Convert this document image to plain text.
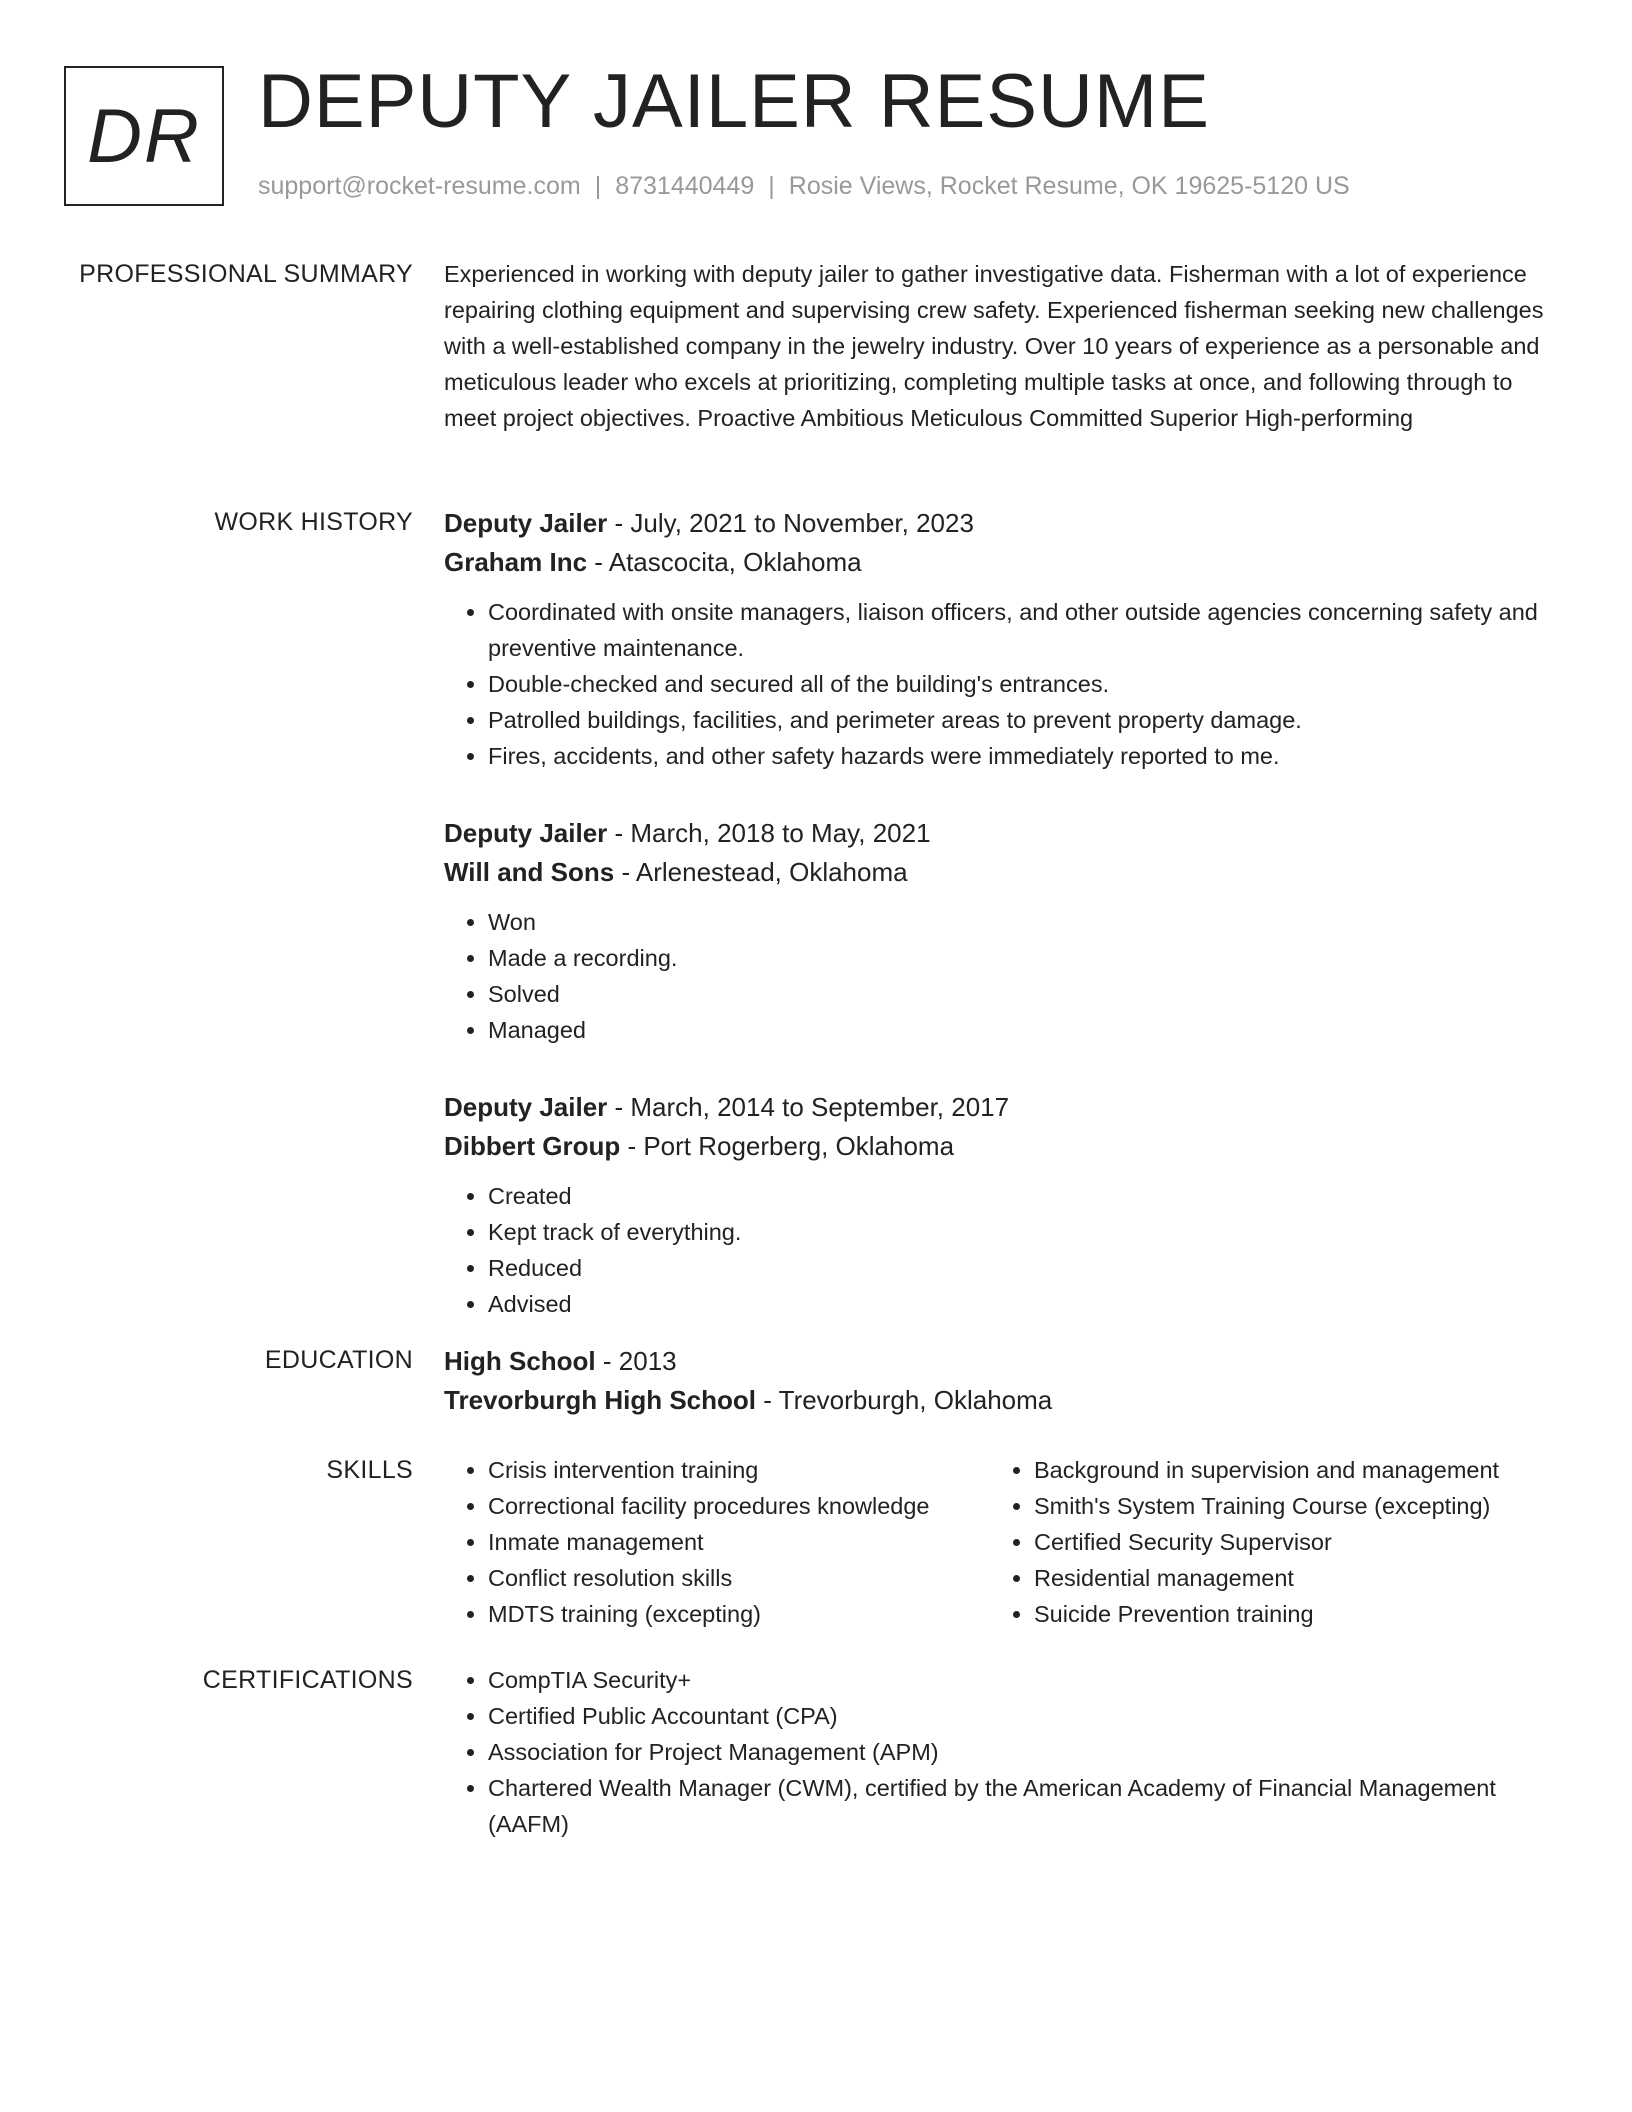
DR DEPUTY JAILER RESUME
support@rocket-resume.com | 8731440449 | Rosie Views, Rocket Resume, OK 19625-5120 US
PROFESSIONAL SUMMARY Experienced in working with deputy jailer to gather investigative data. Fisherman with a lot of experience repairing clothing equipment and supervising crew safety. Experienced fisherman seeking new challenges with a well-established company in the jewelry industry. Over 10 years of experience as a personable and meticulous leader who excels at prioritizing, completing multiple tasks at once, and following through to meet project objectives. Proactive Ambitious Meticulous Committed Superior High-performing

WORK HISTORY Deputy Jailer - July, 2021 to November, 2023
Graham Inc - Atascocita, Oklahoma
• Coordinated with onsite managers, liaison officers, and other outside agencies concerning safety and preventive maintenance.
• Double-checked and secured all of the building's entrances.
• Patrolled buildings, facilities, and perimeter areas to prevent property damage.
• Fires, accidents, and other safety hazards were immediately reported to me.
Deputy Jailer - March, 2018 to May, 2021
Will and Sons - Arlenestead, Oklahoma
• Won
• Made a recording.
• Solved
• Managed
Deputy Jailer - March, 2014 to September, 2017
Dibbert Group - Port Rogerberg, Oklahoma
• Created
• Kept track of everything.
• Reduced
• Advised
EDUCATION High School - 2013
Trevorburgh High School - Trevorburgh, Oklahoma
SKILLS	• Crisis intervention training
• Correctional facility procedures knowledge
• Inmate management
• Conflict resolution skills
• MDTS training (excepting)
• Background in supervision and management
• Smith's System Training Course (excepting)
• Certified Security Supervisor
• Residential management
• Suicide Prevention training
CERTIFICATIONS	• CompTIA Security+
• Certified Public Accountant (CPA)
• Association for Project Management (APM)
• Chartered Wealth Manager (CWM), certified by the American Academy of Financial Management (AAFM)
